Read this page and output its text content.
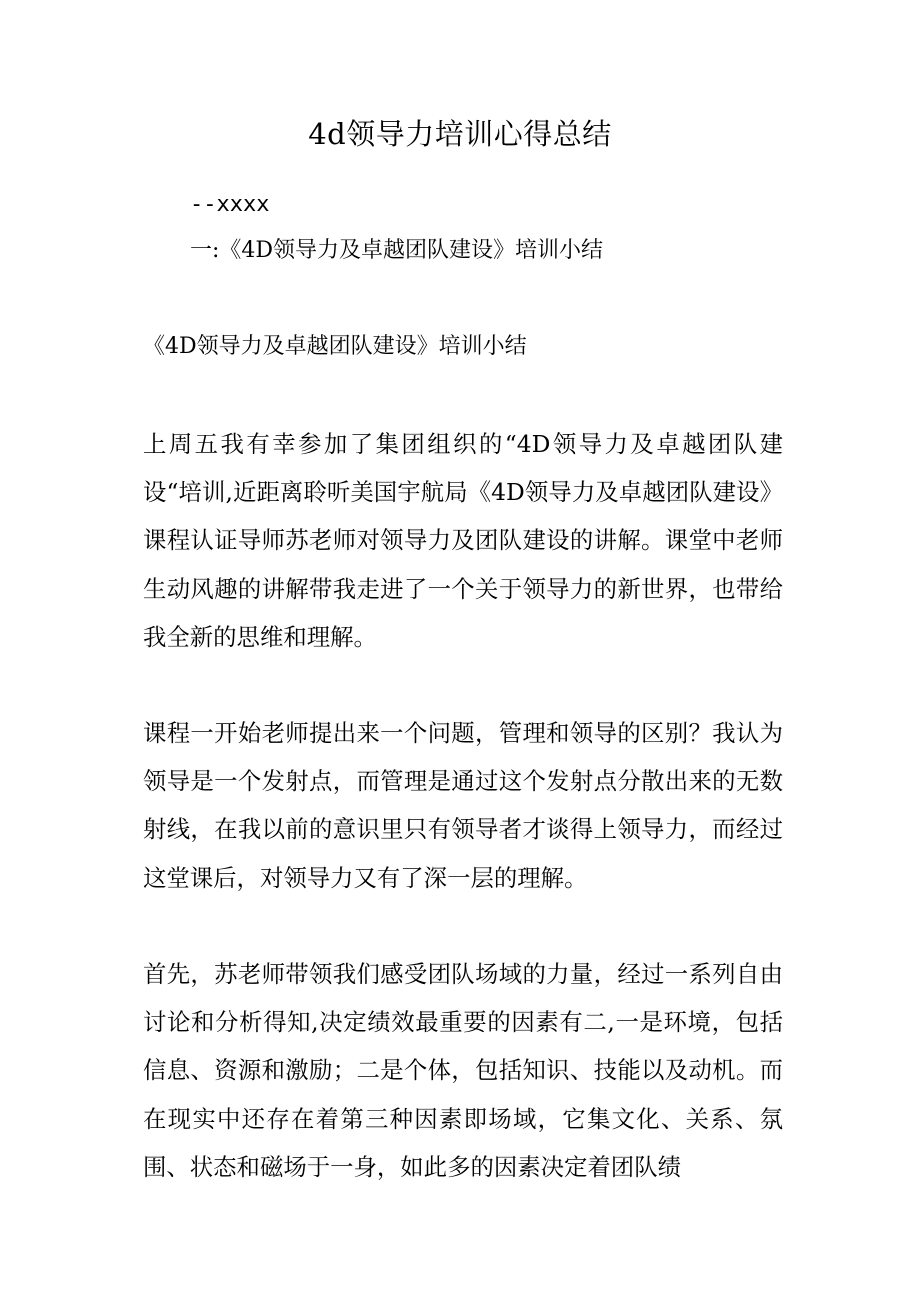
4d领导力培训心得总结
--xxxx
一:《4D领导力及卓越团队建设》培训小结
《4D领导力及卓越团队建设》培训小结

上周五我有幸参加了集团组织的“4D领导力及卓越团队建设“培训,近距离聆听美国宇航局《4D领导力及卓越团队建设》课程认证导师苏老师对领导力及团队建设的讲解。课堂中老师生动风趣的讲解带我走进了一个关于领导力的新世界，也带给我全新的思维和理解。

课程一开始老师提出来一个问题，管理和领导的区别？我认为领导是一个发射点，而管理是通过这个发射点分散出来的无数射线，在我以前的意识里只有领导者才谈得上领导力，而经过这堂课后，对领导力又有了深一层的理解。

首先，苏老师带领我们感受团队场域的力量，经过一系列自由讨论和分析得知,决定绩效最重要的因素有二,一是环境，包括信息、资源和激励；二是个体，包括知识、技能以及动机。而在现实中还存在着第三种因素即场域，它集文化、关系、氛围、状态和磁场于一身，如此多的因素决定着团队绩
